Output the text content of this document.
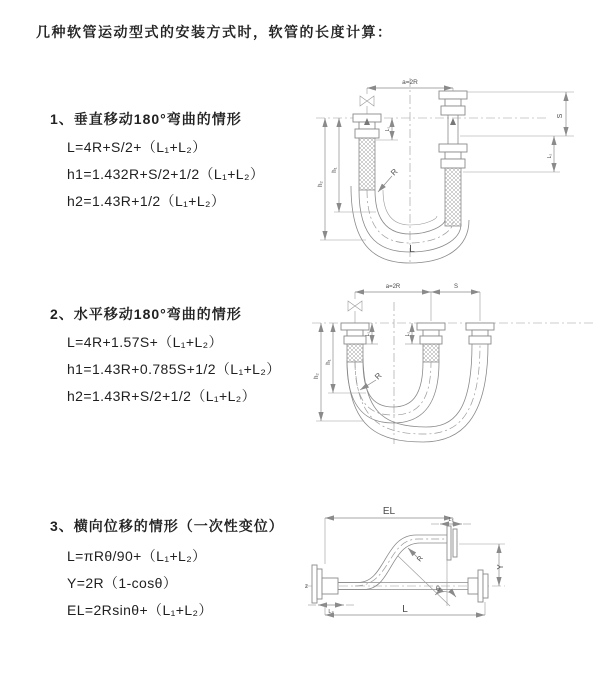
几种软管运动型式的安装方式时，软管的长度计算：
1、垂直移动180°弯曲的情形
L=4R+S/2+（L₁+L₂）
h1=1.432R+S/2+1/2（L₁+L₂）
h2=1.43R+1/2（L₁+L₂）
2、水平移动180°弯曲的情形
L=4R+1.57S+（L₁+L₂）
h1=1.43R+0.785S+1/2（L₁+L₂）
h2=1.43R+S/2+1/2（L₁+L₂）
3、横向位移的情形（一次性变位）
L=πRθ/90+（L₁+L₂）
Y=2R（1-cosθ）
EL=2Rsinθ+（L₁+L₂）
a=2R
R
L
h₁
h₂
L₁
S
L₂
a=2R	S
R
h₁
h₂
L₁	L₂
z
EL
L₁
R
θ
Y
L₂	L
